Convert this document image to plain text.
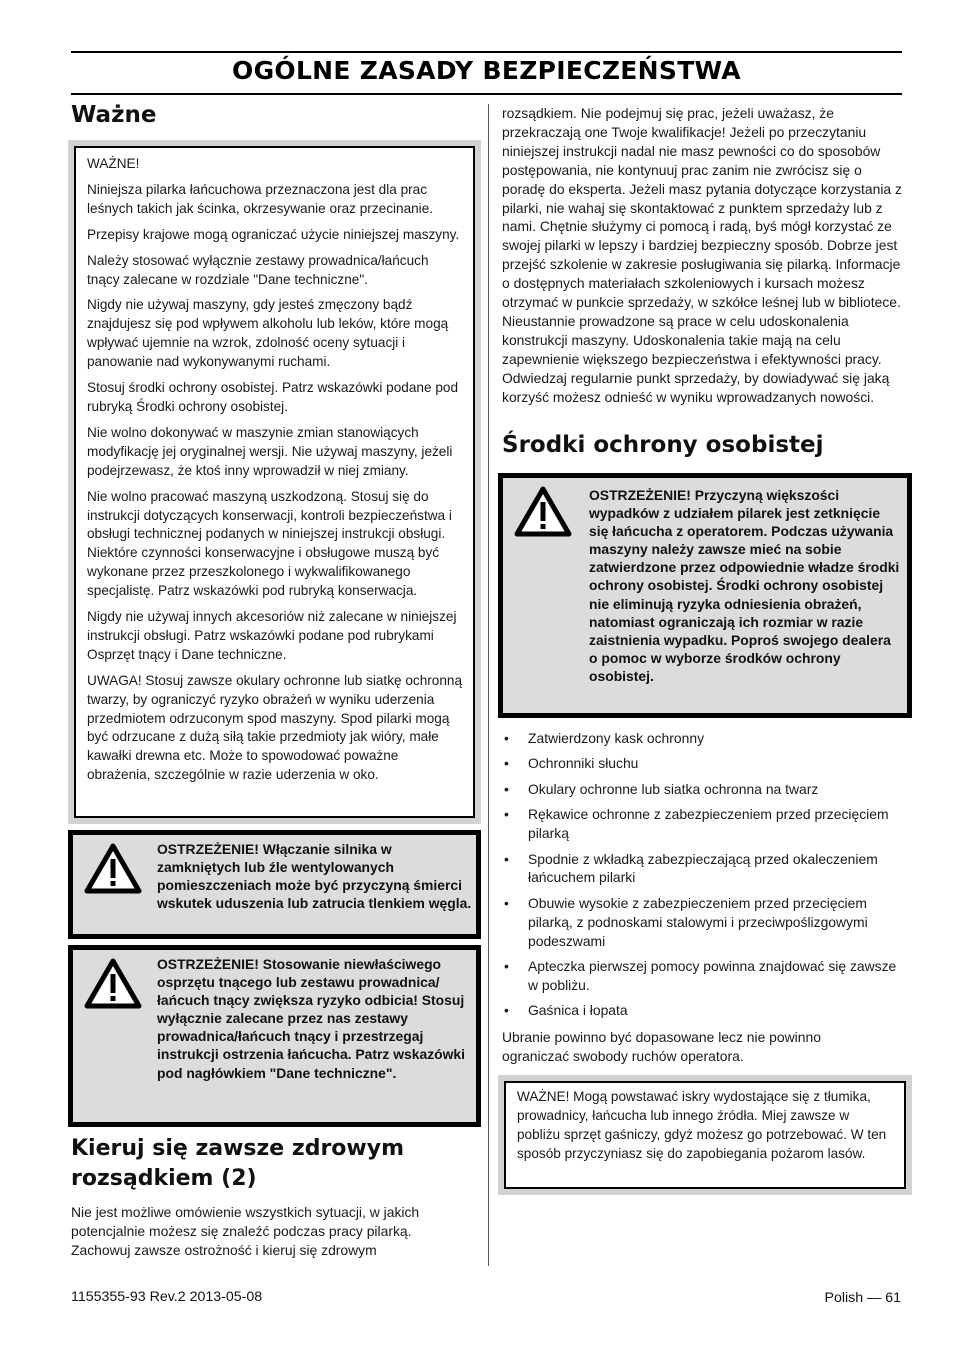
OGÓLNE ZASADY BEZPIECZEŃSTWA
Ważne

WAŻNE!

Niniejsza pilarka łańcuchowa przeznaczona jest dla prac leśnych takich jak ścinka, okrzesywanie oraz przecinanie.

Przepisy krajowe mogą ograniczać użycie niniejszej maszyny.

Należy stosować wyłącznie zestawy prowadnica/łańcuch tnący zalecane w rozdziale "Dane techniczne".

Nigdy nie używaj maszyny, gdy jesteś zmęczony bądź znajdujesz się pod wpływem alkoholu lub leków, które mogą wpływać ujemnie na wzrok, zdolność oceny sytuacji i panowanie nad wykonywanymi ruchami.

Stosuj środki ochrony osobistej. Patrz wskazówki podane pod rubryką Środki ochrony osobistej.

Nie wolno dokonywać w maszynie zmian stanowiących modyfikację jej oryginalnej wersji. Nie używaj maszyny, jeżeli podejrzewasz, że ktoś inny wprowadził w niej zmiany.

Nie wolno pracować maszyną uszkodzoną. Stosuj się do instrukcji dotyczących konserwacji, kontroli bezpieczeństwa i obsługi technicznej podanych w niniejszej instrukcji obsługi. Niektóre czynności konserwacyjne i obsługowe muszą być wykonane przez przeszkolonego i wykwalifikowanego specjalistę. Patrz wskazówki pod rubryką konserwacja.

Nigdy nie używaj innych akcesoriów niż zalecane w niniejszej instrukcji obsługi. Patrz wskazówki podane pod rubrykami Osprzęt tnący i Dane techniczne.

UWAGA! Stosuj zawsze okulary ochronne lub siatkę ochronną twarzy, by ograniczyć ryzyko obrażeń w wyniku uderzenia przedmiotem odrzuconym spod maszyny. Spod pilarki mogą być odrzucane z dużą siłą takie przedmioty jak wióry, małe kawałki drewna etc. Może to spowodować poważne obrażenia, szczególnie w razie uderzenia w oko.

OSTRZEŻENIE! Włączanie silnika w zamkniętych lub źle wentylowanych pomieszczeniach może być przyczyną śmierci wskutek uduszenia lub zatrucia tlenkiem węgla.
OSTRZEŻENIE! Stosowanie niewłaściwego osprzętu tnącego lub zestawu prowadnica/łańcuch tnący zwiększa ryzyko odbicia! Stosuj wyłącznie zalecane przez nas zestawy prowadnica/łańcuch tnący i przestrzegaj instrukcji ostrzenia łańcucha. Patrz wskazówki pod nagłówkiem "Dane techniczne".
Kieruj się zawsze zdrowym rozsądkiem (2)
Nie jest możliwe omówienie wszystkich sytuacji, w jakich potencjalnie możesz się znaleźć podczas pracy pilarką. Zachowuj zawsze ostrożność i kieruj się zdrowym
rozsądkiem. Nie podejmuj się prac, jeżeli uważasz, że przekraczają one Twoje kwalifikacje! Jeżeli po przeczytaniu niniejszej instrukcji nadal nie masz pewności co do sposobów postępowania, nie kontynuuj prac zanim nie zwrócisz się o poradę do eksperta. Jeżeli masz pytania dotyczące korzystania z pilarki, nie wahaj się skontaktować z punktem sprzedaży lub z nami. Chętnie służymy ci pomocą i radą, byś mógł korzystać ze swojej pilarki w lepszy i bardziej bezpieczny sposób. Dobrze jest przejść szkolenie w zakresie posługiwania się pilarką. Informacje o dostępnych materiałach szkoleniowych i kursach możesz otrzymać w punkcie sprzedaży, w szkółce leśnej lub w bibliotece. Nieustannie prowadzone są prace w celu udoskonalenia konstrukcji maszyny. Udoskonalenia takie mają na celu zapewnienie większego bezpieczeństwa i efektywności pracy. Odwiedzaj regularnie punkt sprzedaży, by dowiadywać się jaką korzyść możesz odnieść w wyniku wprowadzanych nowości.
Środki ochrony osobistej
OSTRZEŻENIE! Przyczyną większości wypadków z udziałem pilarek jest zetknięcie się łańcucha z operatorem. Podczas używania maszyny należy zawsze mieć na sobie zatwierdzone przez odpowiednie władze środki ochrony osobistej. Środki ochrony osobistej nie eliminują ryzyka odniesienia obrażeń, natomiast ograniczają ich rozmiar w razie zaistnienia wypadku. Poproś swojego dealera o pomoc w wyborze środków ochrony osobistej.
• Zatwierdzony kask ochronny
• Ochronniki słuchu
• Okulary ochronne lub siatka ochronna na twarz
• Rękawice ochronne z zabezpieczeniem przed przecięciem pilarką
• Spodnie z wkładką zabezpieczającą przed okaleczeniem łańcuchem pilarki
• Obuwie wysokie z zabezpieczeniem przed przecięciem pilarką, z podnoskami stalowymi i przeciwpoślizgowymi podeszwami
• Apteczka pierwszej pomocy powinna znajdować się zawsze w pobliżu.
• Gaśnica i łopata
Ubranie powinno być dopasowane lecz nie powinno ograniczać swobody ruchów operatora.
WAŻNE! Mogą powstawać iskry wydostające się z tłumika, prowadnicy, łańcucha lub innego źródła. Miej zawsze w pobliżu sprzęt gaśniczy, gdyż możesz go potrzebować. W ten sposób przyczyniasz się do zapobiegania pożarom lasów.
1155355-93 Rev.2 2013-05-08	Polish — 61
